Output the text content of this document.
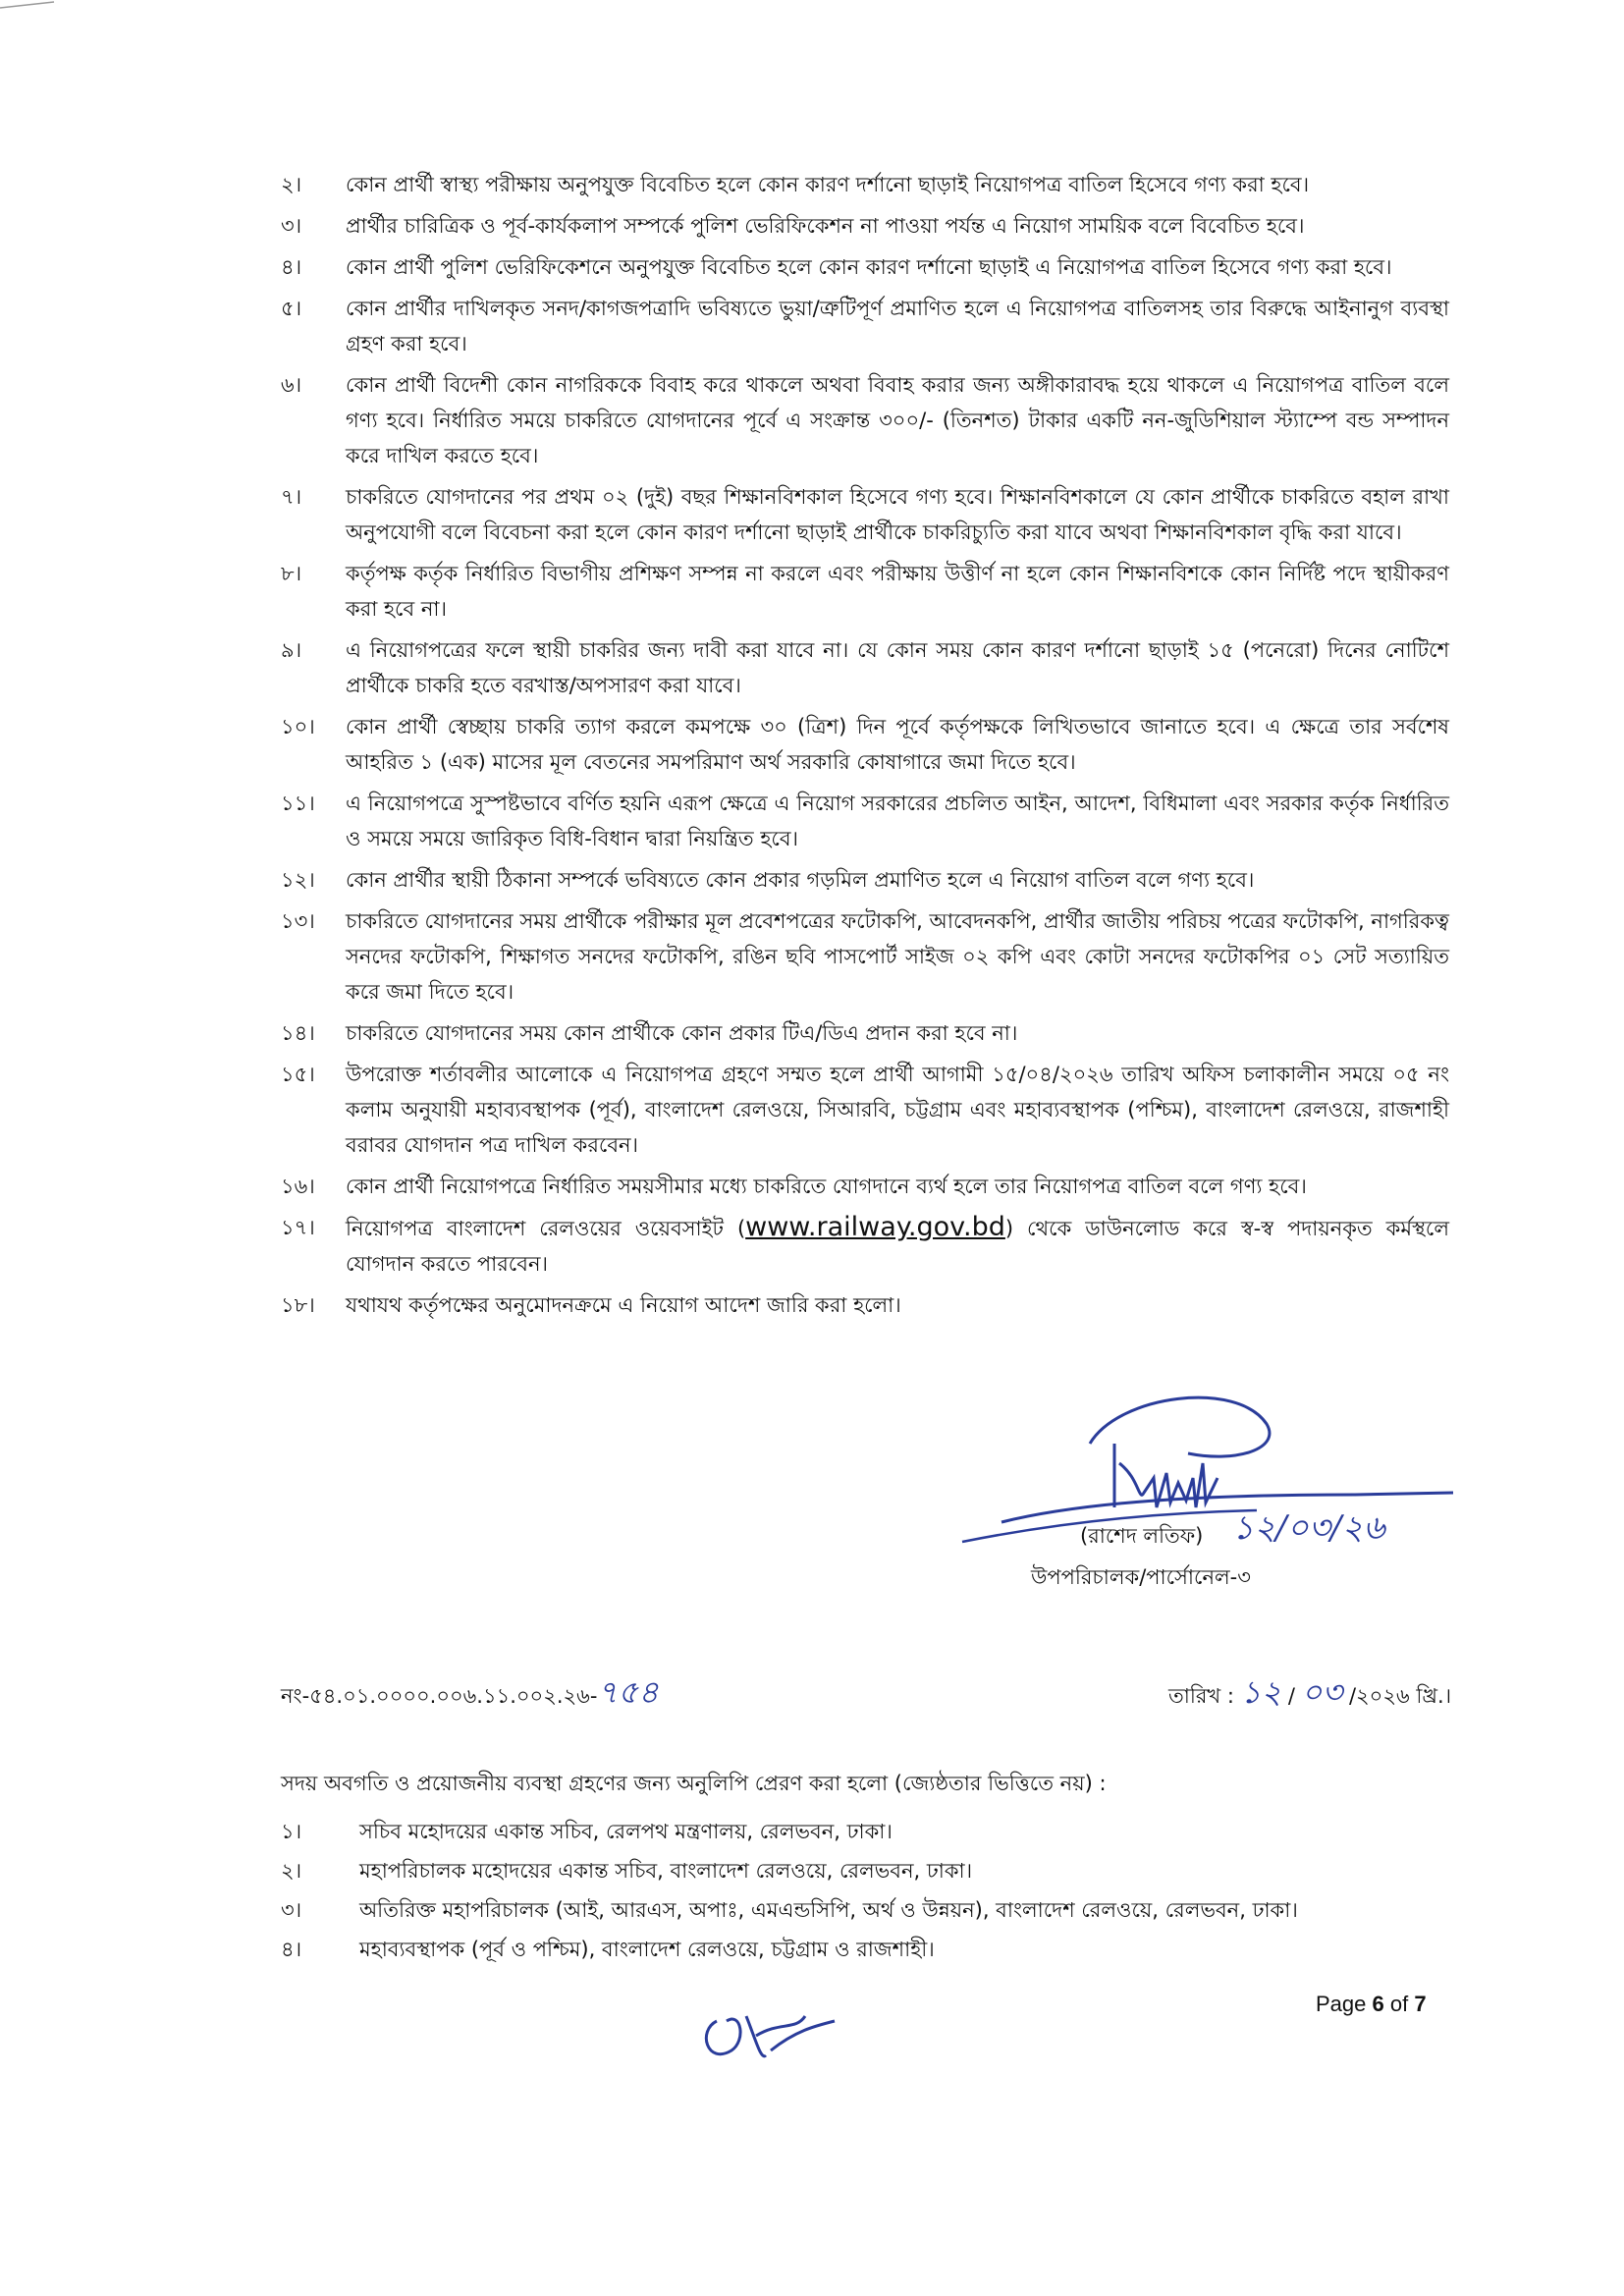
২। কোন প্রার্থী স্বাস্থ্য পরীক্ষায় অনুপযুক্ত বিবেচিত হলে কোন কারণ দর্শানো ছাড়াই নিয়োগপত্র বাতিল হিসেবে গণ্য করা হবে।
৩। প্রার্থীর চারিত্রিক ও পূর্ব-কার্যকলাপ সম্পর্কে পুলিশ ভেরিফিকেশন না পাওয়া পর্যন্ত এ নিয়োগ সাময়িক বলে বিবেচিত হবে।
৪। কোন প্রার্থী পুলিশ ভেরিফিকেশনে অনুপযুক্ত বিবেচিত হলে কোন কারণ দর্শানো ছাড়াই এ নিয়োগপত্র বাতিল হিসেবে গণ্য করা হবে।
৫। কোন প্রার্থীর দাখিলকৃত সনদ/কাগজপত্রাদি ভবিষ্যতে ভুয়া/ত্রুটিপূর্ণ প্রমাণিত হলে এ নিয়োগপত্র বাতিলসহ তার বিরুদ্ধে আইনানুগ ব্যবস্থা গ্রহণ করা হবে।
৬। কোন প্রার্থী বিদেশী কোন নাগরিককে বিবাহ করে থাকলে অথবা বিবাহ করার জন্য অঙ্গীকারাবদ্ধ হয়ে থাকলে এ নিয়োগপত্র বাতিল বলে গণ্য হবে। নির্ধারিত সময়ে চাকরিতে যোগদানের পূর্বে এ সংক্রান্ত ৩০০/- (তিনশত) টাকার একটি নন-জুডিশিয়াল স্ট্যাম্পে বন্ড সম্পাদন করে দাখিল করতে হবে।
৭। চাকরিতে যোগদানের পর প্রথম ০২ (দুই) বছর শিক্ষানবিশকাল হিসেবে গণ্য হবে। শিক্ষানবিশকালে যে কোন প্রার্থীকে চাকরিতে বহাল রাখা অনুপযোগী বলে বিবেচনা করা হলে কোন কারণ দর্শানো ছাড়াই প্রার্থীকে চাকরিচ্যুতি করা যাবে অথবা শিক্ষানবিশকাল বৃদ্ধি করা যাবে।
৮। কর্তৃপক্ষ কর্তৃক নির্ধারিত বিভাগীয় প্রশিক্ষণ সম্পন্ন না করলে এবং পরীক্ষায় উত্তীর্ণ না হলে কোন শিক্ষানবিশকে কোন নির্দিষ্ট পদে স্থায়ীকরণ করা হবে না।
৯। এ নিয়োগপত্রের ফলে স্থায়ী চাকরির জন্য দাবী করা যাবে না। যে কোন সময় কোন কারণ দর্শানো ছাড়াই ১৫ (পনেরো) দিনের নোটিশে প্রার্থীকে চাকরি হতে বরখাস্ত/অপসারণ করা যাবে।
১০। কোন প্রার্থী স্বেচ্ছায় চাকরি ত্যাগ করলে কমপক্ষে ৩০ (ত্রিশ) দিন পূর্বে কর্তৃপক্ষকে লিখিতভাবে জানাতে হবে। এ ক্ষেত্রে তার সর্বশেষ আহরিত ১ (এক) মাসের মূল বেতনের সমপরিমাণ অর্থ সরকারি কোষাগারে জমা দিতে হবে।
১১। এ নিয়োগপত্রে সুস্পষ্টভাবে বর্ণিত হয়নি এরূপ ক্ষেত্রে এ নিয়োগ সরকারের প্রচলিত আইন, আদেশ, বিধিমালা এবং সরকার কর্তৃক নির্ধারিত ও সময়ে সময়ে জারিকৃত বিধি-বিধান দ্বারা নিয়ন্ত্রিত হবে।
১২। কোন প্রার্থীর স্থায়ী ঠিকানা সম্পর্কে ভবিষ্যতে কোন প্রকার গড়মিল প্রমাণিত হলে এ নিয়োগ বাতিল বলে গণ্য হবে।
১৩। চাকরিতে যোগদানের সময় প্রার্থীকে পরীক্ষার মূল প্রবেশপত্রের ফটোকপি, আবেদনকপি, প্রার্থীর জাতীয় পরিচয় পত্রের ফটোকপি, নাগরিকত্ব সনদের ফটোকপি, শিক্ষাগত সনদের ফটোকপি, রঙিন ছবি পাসপোর্ট সাইজ ০২ কপি এবং কোটা সনদের ফটোকপির ০১ সেট সত্যায়িত করে জমা দিতে হবে।
১৪। চাকরিতে যোগদানের সময় কোন প্রার্থীকে কোন প্রকার টিএ/ডিএ প্রদান করা হবে না।
১৫। উপরোক্ত শর্তাবলীর আলোকে এ নিয়োগপত্র গ্রহণে সম্মত হলে প্রার্থী আগামী ১৫/০৪/২০২৬ তারিখ অফিস চলাকালীন সময়ে ০৫ নং কলাম অনুযায়ী মহাব্যবস্থাপক (পূর্ব), বাংলাদেশ রেলওয়ে, সিআরবি, চট্টগ্রাম এবং মহাব্যবস্থাপক (পশ্চিম), বাংলাদেশ রেলওয়ে, রাজশাহী বরাবর যোগদান পত্র দাখিল করবেন।
১৬। কোন প্রার্থী নিয়োগপত্রে নির্ধারিত সময়সীমার মধ্যে চাকরিতে যোগদানে ব্যর্থ হলে তার নিয়োগপত্র বাতিল বলে গণ্য হবে।
১৭। নিয়োগপত্র বাংলাদেশ রেলওয়ের ওয়েবসাইট (www.railway.gov.bd) থেকে ডাউনলোড করে স্ব-স্ব পদায়নকৃত কর্মস্থলে যোগদান করতে পারবেন।
১৮। যথাযথ কর্তৃপক্ষের অনুমোদনক্রমে এ নিয়োগ আদেশ জারি করা হলো।
১২/০৩/২৬
(রাশেদ লতিফ)
উপপরিচালক/পার্সোনেল-৩
নং-৫৪.০১.০০০০.০০৬.১১.০০২.২৬-৭৫৪	তারিখ : ১২ / ০৩ /২০২৬ খ্রি.।
সদয় অবগতি ও প্রয়োজনীয় ব্যবস্থা গ্রহণের জন্য অনুলিপি প্রেরণ করা হলো (জ্যেষ্ঠতার ভিত্তিতে নয়) :
১।	সচিব মহোদয়ের একান্ত সচিব, রেলপথ মন্ত্রণালয়, রেলভবন, ঢাকা।
২।	মহাপরিচালক মহোদয়ের একান্ত সচিব, বাংলাদেশ রেলওয়ে, রেলভবন, ঢাকা।
৩।	অতিরিক্ত মহাপরিচালক (আই, আরএস, অপাঃ, এমএন্ডসিপি, অর্থ ও উন্নয়ন), বাংলাদেশ রেলওয়ে, রেলভবন, ঢাকা।
৪।	মহাব্যবস্থাপক (পূর্ব ও পশ্চিম), বাংলাদেশ রেলওয়ে, চট্টগ্রাম ও রাজশাহী।
Page 6 of 7
